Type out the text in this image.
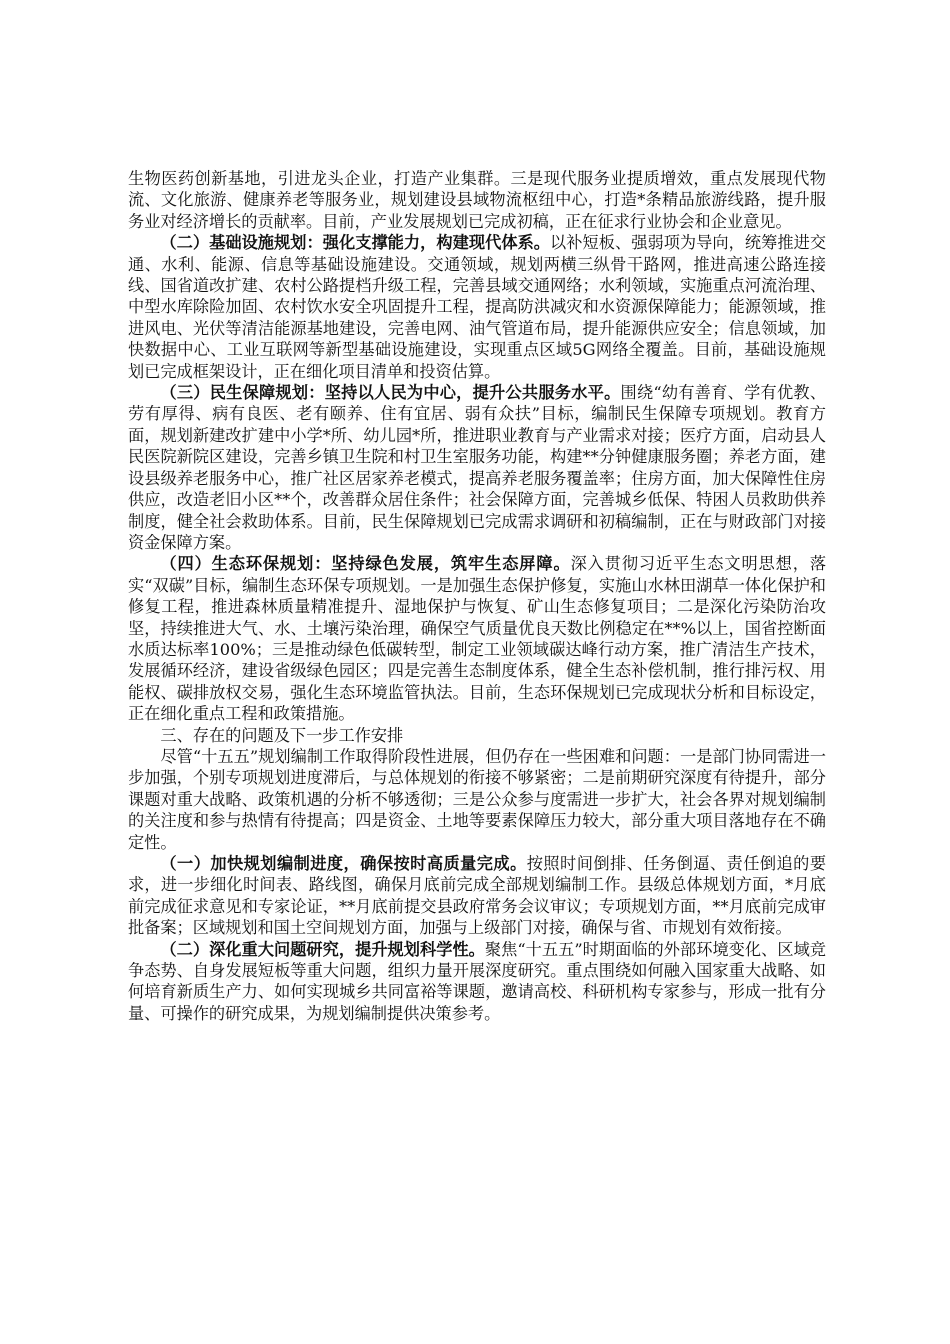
生物医药创新基地，引进龙头企业，打造产业集群。三是现代服务业提质增效，重点发展现代物流、文化旅游、健康养老等服务业，规划建设县域物流枢纽中心，打造*条精品旅游线路，提升服务业对经济增长的贡献率。目前，产业发展规划已完成初稿，正在征求行业协会和企业意见。

（二）基础设施规划：强化支撑能力，构建现代体系。以补短板、强弱项为导向，统筹推进交通、水利、能源、信息等基础设施建设。交通领域，规划两横三纵骨干路网，推进高速公路连接线、国省道改扩建、农村公路提档升级工程，完善县域交通网络；水利领域，实施重点河流治理、中型水库除险加固、农村饮水安全巩固提升工程，提高防洪减灾和水资源保障能力；能源领域，推进风电、光伏等清洁能源基地建设，完善电网、油气管道布局，提升能源供应安全；信息领域，加快数据中心、工业互联网等新型基础设施建设，实现重点区域5G网络全覆盖。目前，基础设施规划已完成框架设计，正在细化项目清单和投资估算。

（三）民生保障规划：坚持以人民为中心，提升公共服务水平。围绕“幼有善育、学有优教、劳有厚得、病有良医、老有颐养、住有宜居、弱有众扶”目标，编制民生保障专项规划。教育方面，规划新建改扩建中小学*所、幼儿园*所，推进职业教育与产业需求对接；医疗方面，启动县人民医院新院区建设，完善乡镇卫生院和村卫生室服务功能，构建**分钟健康服务圈；养老方面，建设县级养老服务中心，推广社区居家养老模式，提高养老服务覆盖率；住房方面，加大保障性住房供应，改造老旧小区**个，改善群众居住条件；社会保障方面，完善城乡低保、特困人员救助供养制度，健全社会救助体系。目前，民生保障规划已完成需求调研和初稿编制，正在与财政部门对接资金保障方案。

（四）生态环保规划：坚持绿色发展，筑牢生态屏障。深入贯彻习近平生态文明思想，落实“双碳”目标，编制生态环保专项规划。一是加强生态保护修复，实施山水林田湖草一体化保护和修复工程，推进森林质量精准提升、湿地保护与恢复、矿山生态修复项目；二是深化污染防治攻坚，持续推进大气、水、土壤污染治理，确保空气质量优良天数比例稳定在**%以上，国省控断面水质达标率100%；三是推动绿色低碳转型，制定工业领域碳达峰行动方案，推广清洁生产技术，发展循环经济，建设省级绿色园区；四是完善生态制度体系，健全生态补偿机制，推行排污权、用能权、碳排放权交易，强化生态环境监管执法。目前，生态环保规划已完成现状分析和目标设定，正在细化重点工程和政策措施。

三、存在的问题及下一步工作安排

尽管“十五五”规划编制工作取得阶段性进展，但仍存在一些困难和问题：一是部门协同需进一步加强，个别专项规划进度滞后，与总体规划的衔接不够紧密；二是前期研究深度有待提升，部分课题对重大战略、政策机遇的分析不够透彻；三是公众参与度需进一步扩大，社会各界对规划编制的关注度和参与热情有待提高；四是资金、土地等要素保障压力较大，部分重大项目落地存在不确定性。

（一）加快规划编制进度，确保按时高质量完成。按照时间倒排、任务倒逼、责任倒追的要求，进一步细化时间表、路线图，确保月底前完成全部规划编制工作。县级总体规划方面，*月底前完成征求意见和专家论证，**月底前提交县政府常务会议审议；专项规划方面，**月底前完成审批备案；区域规划和国土空间规划方面，加强与上级部门对接，确保与省、市规划有效衔接。

（二）深化重大问题研究，提升规划科学性。聚焦“十五五”时期面临的外部环境变化、区域竞争态势、自身发展短板等重大问题，组织力量开展深度研究。重点围绕如何融入国家重大战略、如何培育新质生产力、如何实现城乡共同富裕等课题，邀请高校、科研机构专家参与，形成一批有分量、可操作的研究成果，为规划编制提供决策参考。
